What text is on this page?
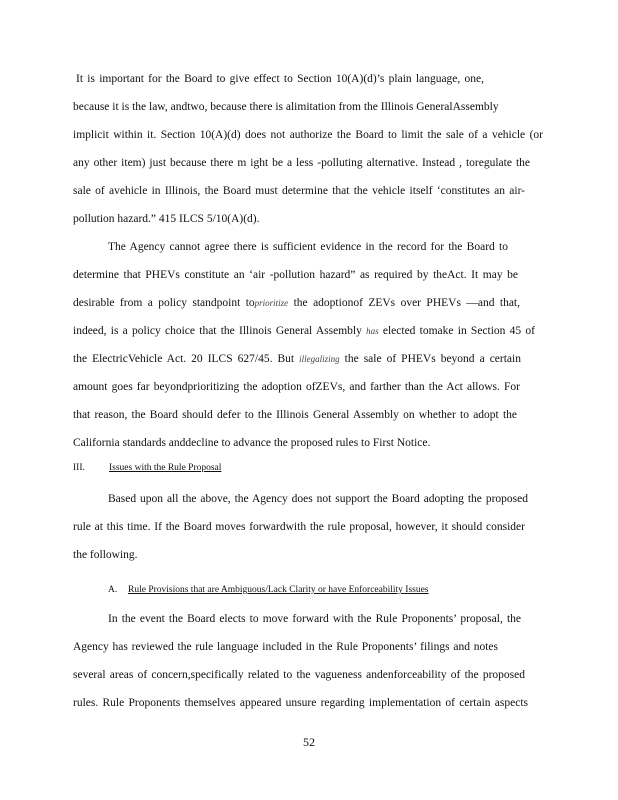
It is important for the Board to give effect to Section 10(A)(d)’s plain language, one,
because it is the law, andtwo, because there is alimitation from the Illinois GeneralAssembly
implicit within it. Section 10(A)(d) does not authorize the Board to limit the sale of a vehicle (or
any other item) just because there m ight be a less -polluting alternative. Instead , toregulate the
sale of avehicle in Illinois, the Board must determine that the vehicle itself ‘constitutes an air-
pollution hazard.” 415 ILCS 5/10(A)(d).
The Agency cannot agree there is sufficient evidence in the record for the Board to
determine that PHEVs constitute an ‘air -pollution hazard” as required by theAct. It may be
desirable from a policy standpoint toprioritize the adoptionof ZEVs over PHEVs —and that,
indeed, is a policy choice that the Illinois General Assembly has elected tomake in Section 45 of
the ElectricVehicle Act. 20 ILCS 627/45. But illegalizing the sale of PHEVs beyond a certain
amount goes far beyondprioritizing the adoption ofZEVs, and farther than the Act allows. For
that reason, the Board should defer to the Illinois General Assembly on whether to adopt the
California standards anddecline to advance the proposed rules to First Notice.
III.	Issues with the Rule Proposal
Based upon all the above, the Agency does not support the Board adopting the proposed
rule at this time. If the Board moves forwardwith the rule proposal, however, it should consider
the following.
A. Rule Provisions that are Ambiguous/Lack Clarity or have Enforceability Issues
In the event the Board elects to move forward with the Rule Proponents’ proposal, the
Agency has reviewed the rule language included in the Rule Proponents’ filings and notes
several areas of concern,specifically related to the vagueness andenforceability of the proposed
rules. Rule Proponents themselves appeared unsure regarding implementation of certain aspects
52
